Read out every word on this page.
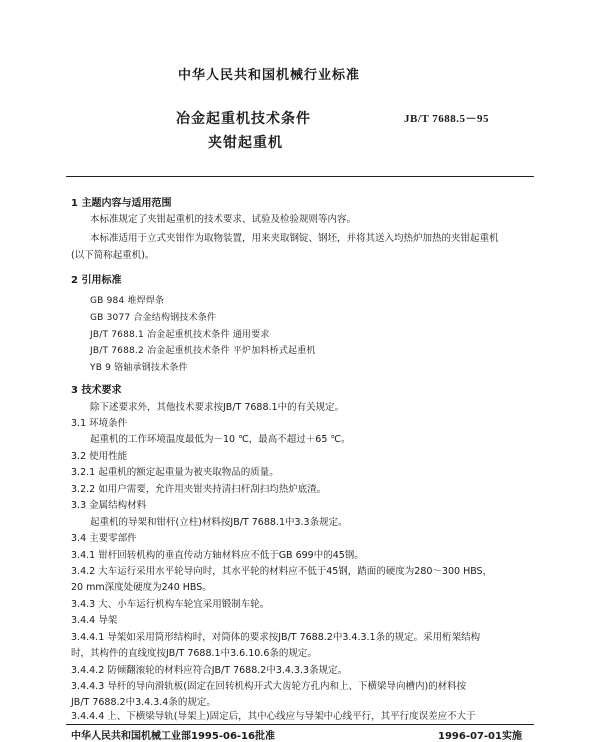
中华人民共和国机械行业标准
冶金起重机技术条件
夹钳起重机
JB/T 7688.5－95
1 主题内容与适用范围
本标准规定了夹钳起重机的技术要求、试验及检验规则等内容。
本标准适用于立式夹钳作为取物装置，用来夹取钢锭、钢坯，并将其送入均热炉加热的夹钳起重机
(以下简称起重机)。
2 引用标准
GB 984 堆焊焊条
GB 3077 合金结构钢技术条件
JB/T 7688.1 冶金起重机技术条件 通用要求
JB/T 7688.2 冶金起重机技术条件 平炉加料桥式起重机
YB 9 铬轴承钢技术条件
3 技术要求
除下述要求外，其他技术要求按JB/T 7688.1中的有关规定。
3.1 环境条件
起重机的工作环境温度最低为－10 ℃，最高不超过＋65 ℃。
3.2 使用性能
3.2.1 起重机的额定起重量为被夹取物品的质量。
3.2.2 如用户需要，允许用夹钳夹持清扫杆刮扫均热炉底渣。
3.3 金属结构材料
起重机的导架和钳杆(立柱)材料按JB/T 7688.1中3.3条规定。
3.4 主要零部件
3.4.1 钳杆回转机构的垂直传动方轴材料应不低于GB 699中的45钢。
3.4.2 大车运行采用水平轮导向时，其水平轮的材料应不低于45钢，踏面的硬度为280～300 HBS，
20 mm深度处硬度为240 HBS。
3.4.3 大、小车运行机构车轮宜采用锻制车轮。
3.4.4 导架
3.4.4.1 导架如采用筒形结构时，对筒体的要求按JB/T 7688.2中3.4.3.1条的规定。采用桁架结构
时，其构件的直线度按JB/T 7688.1中3.6.10.6条的规定。
3.4.4.2 防倾翻滚轮的材料应符合JB/T 7688.2中3.4.3.3条规定。
3.4.4.3 导杆的导向滑轨板(固定在回转机构开式大齿轮方孔内和上、下横梁导向槽内)的材料按
JB/T 7688.2中3.4.3.4条的规定。
3.4.4.4 上、下横梁导轨(导架上)固定后，其中心线应与导架中心线平行，其平行度误差应不大于
中华人民共和国机械工业部1995-06-16批准	1996-07-01实施
